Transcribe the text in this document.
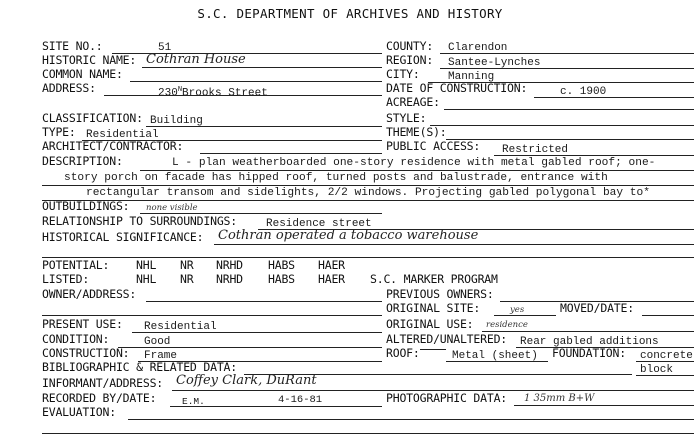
S.C. DEPARTMENT OF ARCHIVES AND HISTORY
SITE NO.:	51	COUNTY: Clarendon
HISTORIC NAME: Cothran House	REGION: Santee-Lynches
COMMON NAME:	CITY:	Manning
ADDRESS:	$230^NBrooks$ Street	DATE OF CONSTRUCTION:	c. 1900
ACREAGE:
CLASSIFICATION: Building	STYLE:
TYPE: Residential	THEME(S):
ARCHITECT/CONTRACTOR:	PUBLIC ACCESS: Restricted
DESCRIPTION:	L - plan weatherboarded one-story residence with metal gabled roof; one-
story porch on facade has hipped roof, turned posts and balustrade, entrance with
rectangular transom and sidelights, 2/2 windows. Projecting gabled polygonal bay to*
OUTBUILDINGS: none visible
RELATIONSHIP TO SURROUNDINGS:	Residence street
HISTORICAL SIGNIFICANCE: Cothran operated a tobacco warehouse
POTENTIAL: NHL NR NRHD HABS HAER
LISTED:	NHL NR NRHD HABS HAER S.C. MARKER PROGRAM
OWNER/ADDRESS:	PREVIOUS OWNERS:
ORIGINAL SITE:	yes	MOVED/DATE:
PRESENT USE: Residential	ORIGINAL USE: residence
CONDITION:	Good	ALTERED/UNALTERED: Rear gabled additions
CONSTRUCTION: Frame	ROOF:	Metal (sheet) FOUNDATION: concrete
block
BIBLIOGRAPHIC & RELATED DATA:
INFORMANT/ADDRESS: Coffey Clark, DuRant
RECORDED BY/DATE:	E.M.	4-16-81	PHOTOGRAPHIC DATA: 1 35mm B+W
EVALUATION:
